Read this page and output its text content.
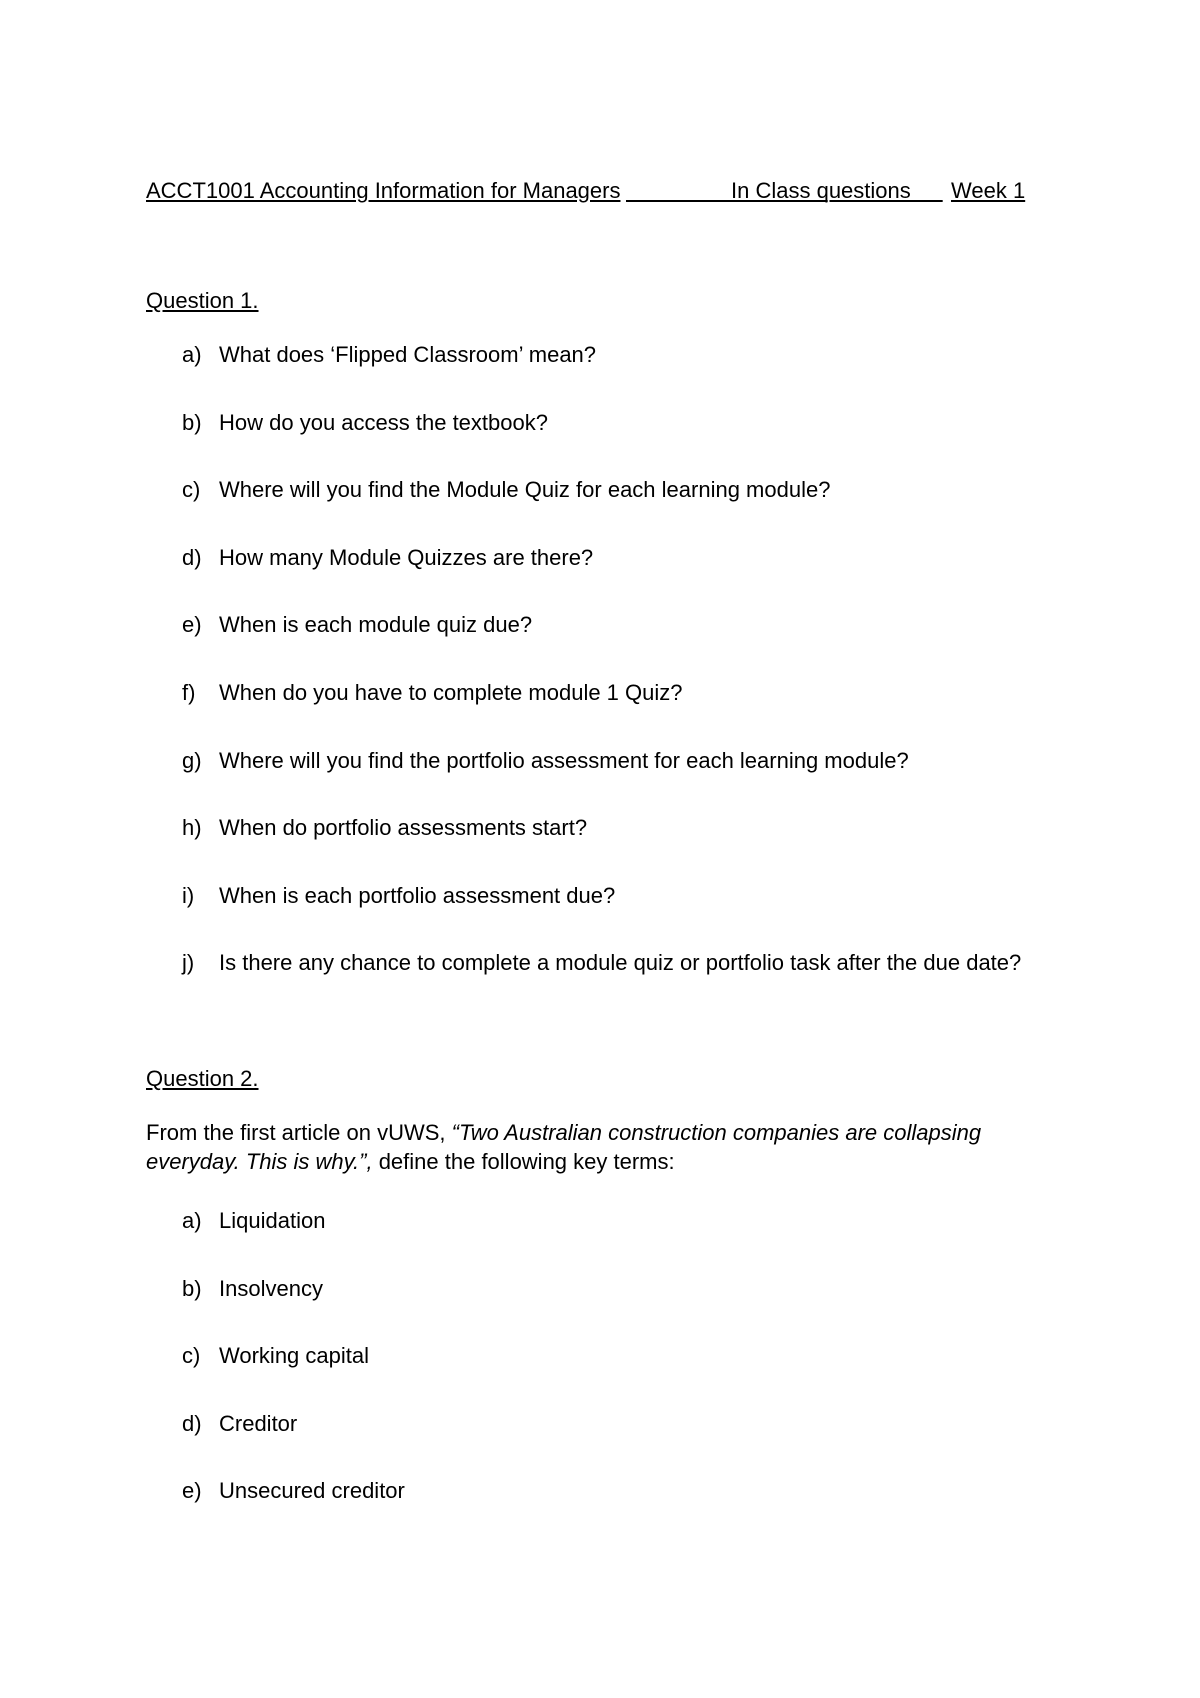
ACCT1001 Accounting Information for Managers
	In Class questions
Week 1
Question 1.
a) What does ‘Flipped Classroom’ mean?
b) How do you access the textbook?
c) Where will you find the Module Quiz for each learning module?
d) How many Module Quizzes are there?
e) When is each module quiz due?
f) When do you have to complete module 1 Quiz?
g) Where will you find the portfolio assessment for each learning module?
h) When do portfolio assessments start?
i) When is each portfolio assessment due?
j) Is there any chance to complete a module quiz or portfolio task after the due date?
Question 2.
From the first article on vUWS, “Two Australian construction companies are collapsing everyday. This is why.”, define the following key terms:
a) Liquidation
b) Insolvency
c) Working capital
d) Creditor
e) Unsecured creditor
